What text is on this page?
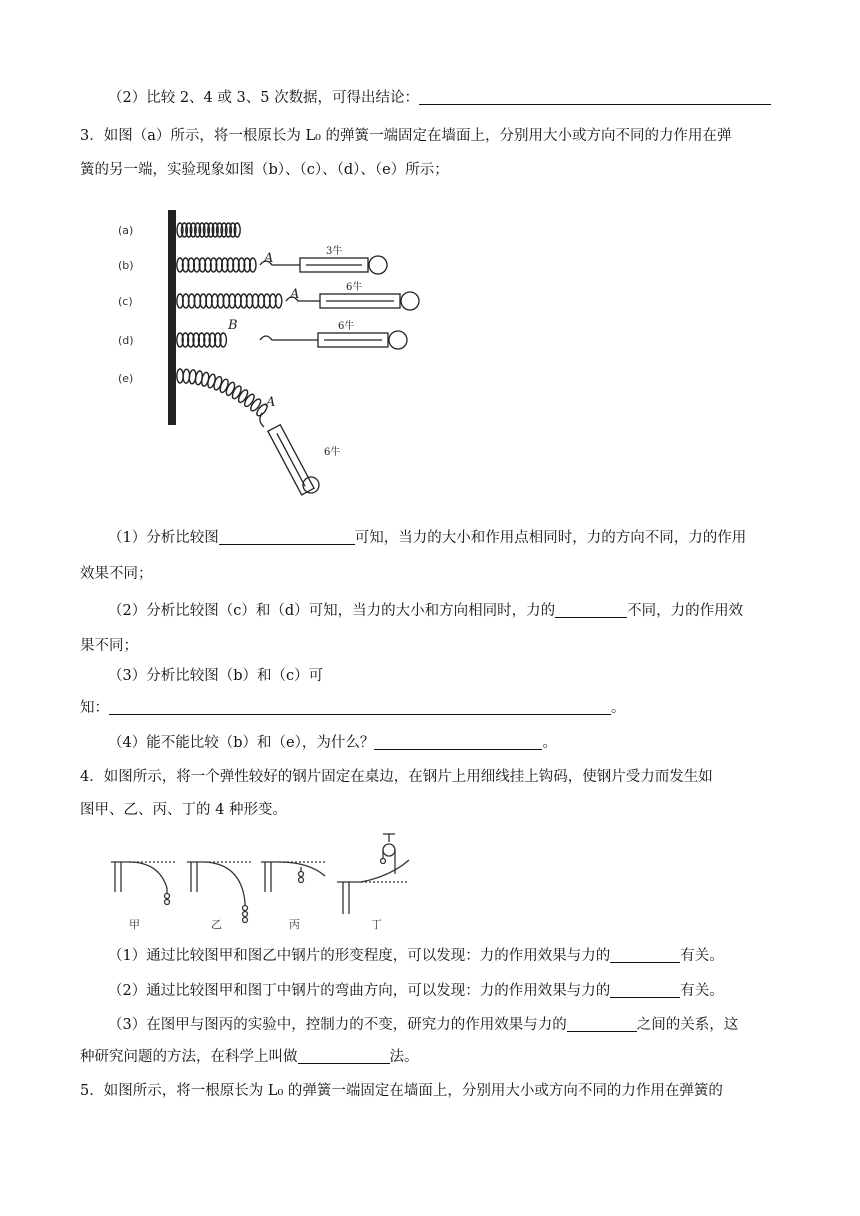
（2）比较 2、4 或 3、5 次数据，可得出结论：
3．如图（a）所示，将一根原长为 L₀ 的弹簧一端固定在墙面上，分别用大小或方向不同的力作用在弹
簧的另一端，实验现象如图（b）、（c）、（d）、（e）所示；
(a)
(b)
(c)
(d)
(e)
A
A
B
A
3牛
6牛
6牛
6牛
（1）分析比较图	可知，当力的大小和作用点相同时，力的方向不同，力的作用
效果不同；
（2）分析比较图（c）和（d）可知，当力的大小和方向相同时，力的	不同，力的作用效
果不同；
（3）分析比较图（b）和（c）可
知：	。
（4）能不能比较（b）和（e），为什么？	。
4．如图所示，将一个弹性较好的钢片固定在桌边，在钢片上用细线挂上钩码，使钢片受力而发生如
图甲、乙、丙、丁的 4 种形变。
甲	乙	丙	丁
（1）通过比较图甲和图乙中钢片的形变程度，可以发现：力的作用效果与力的	有关。
（2）通过比较图甲和图丁中钢片的弯曲方向，可以发现：力的作用效果与力的	有关。
（3）在图甲与图丙的实验中，控制力的不变，研究力的作用效果与力的	之间的关系，这
种研究问题的方法，在科学上叫做	法。
5．如图所示，将一根原长为 L₀ 的弹簧一端固定在墙面上，分别用大小或方向不同的力作用在弹簧的
